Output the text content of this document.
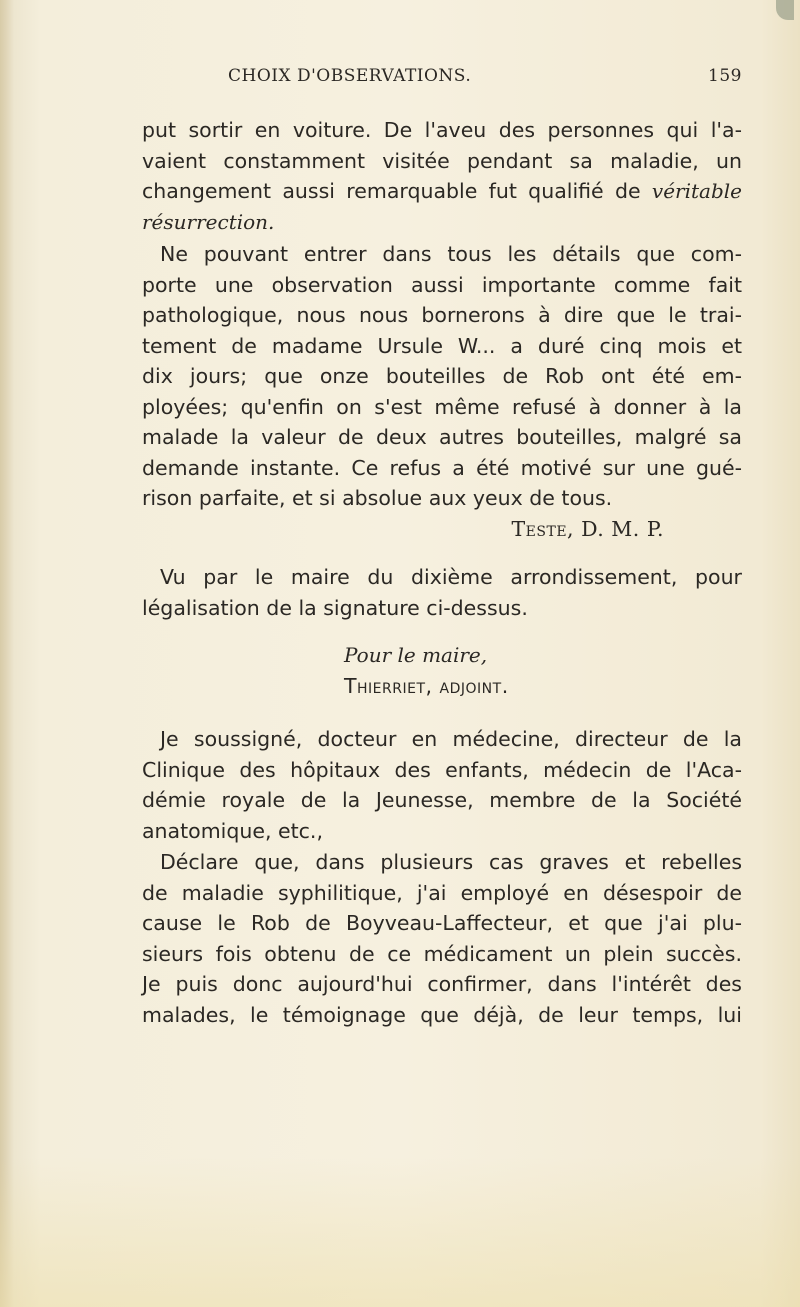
CHOIX D'OBSERVATIONS.	159
put sortir en voiture. De l'aveu des personnes qui l'a-
vaient constamment visitée pendant sa maladie, un
changement aussi remarquable fut qualifié de véritable
résurrection.
Ne pouvant entrer dans tous les détails que com-
porte une observation aussi importante comme fait
pathologique, nous nous bornerons à dire que le trai-
tement de madame Ursule W... a duré cinq mois et
dix jours; que onze bouteilles de Rob ont été em-
ployées; qu'enfin on s'est même refusé à donner à la
malade la valeur de deux autres bouteilles, malgré sa
demande instante. Ce refus a été motivé sur une gué-
rison parfaite, et si absolue aux yeux de tous.
Teste, D. M. P.
Vu par le maire du dixième arrondissement, pour
légalisation de la signature ci-dessus.
Pour le maire,
Thierriet, adjoint.
Je soussigné, docteur en médecine, directeur de la
Clinique des hôpitaux des enfants, médecin de l'Aca-
démie royale de la Jeunesse, membre de la Société
anatomique, etc.,
Déclare que, dans plusieurs cas graves et rebelles
de maladie syphilitique, j'ai employé en désespoir de
cause le Rob de Boyveau-Laffecteur, et que j'ai plu-
sieurs fois obtenu de ce médicament un plein succès.
Je puis donc aujourd'hui confirmer, dans l'intérêt des
malades, le témoignage que déjà, de leur temps, lui
